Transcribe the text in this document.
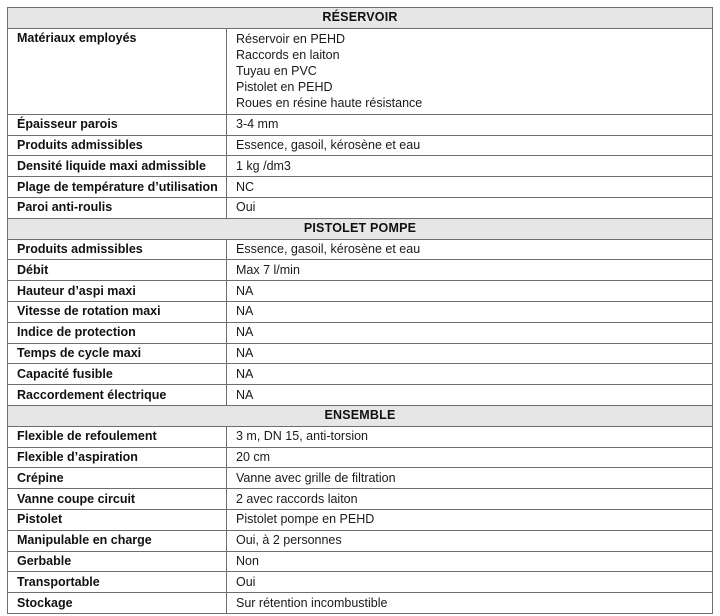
RÉSERVOIR	
Matériaux employés	Réservoir en PEHD
Raccords en laiton
Tuyau en PVC
Pistolet en PEHD
Roues en résine haute résistance

Épaisseur parois	3-4 mm
Produits admissibles	Essence, gasoil, kérosène et eau
Densité liquide maxi admissible	1 kg /dm3
Plage de température d’utilisation	NC
Paroi anti-roulis	Oui
PISTOLET POMPE	
Produits admissibles	Essence, gasoil, kérosène et eau
Débit	Max 7 l/min
Hauteur d’aspi maxi	NA
Vitesse de rotation maxi	NA
Indice de protection	NA
Temps de cycle maxi	NA
Capacité fusible	NA
Raccordement électrique	NA
ENSEMBLE	
Flexible de refoulement	3 m, DN 15, anti-torsion
Flexible d’aspiration	20 cm
Crépine	Vanne avec grille de filtration
Vanne coupe circuit	2 avec raccords laiton
Pistolet	Pistolet pompe en PEHD
Manipulable en charge	Oui, à 2 personnes
Gerbable	Non
Transportable	Oui
Stockage	Sur rétention incombustible
